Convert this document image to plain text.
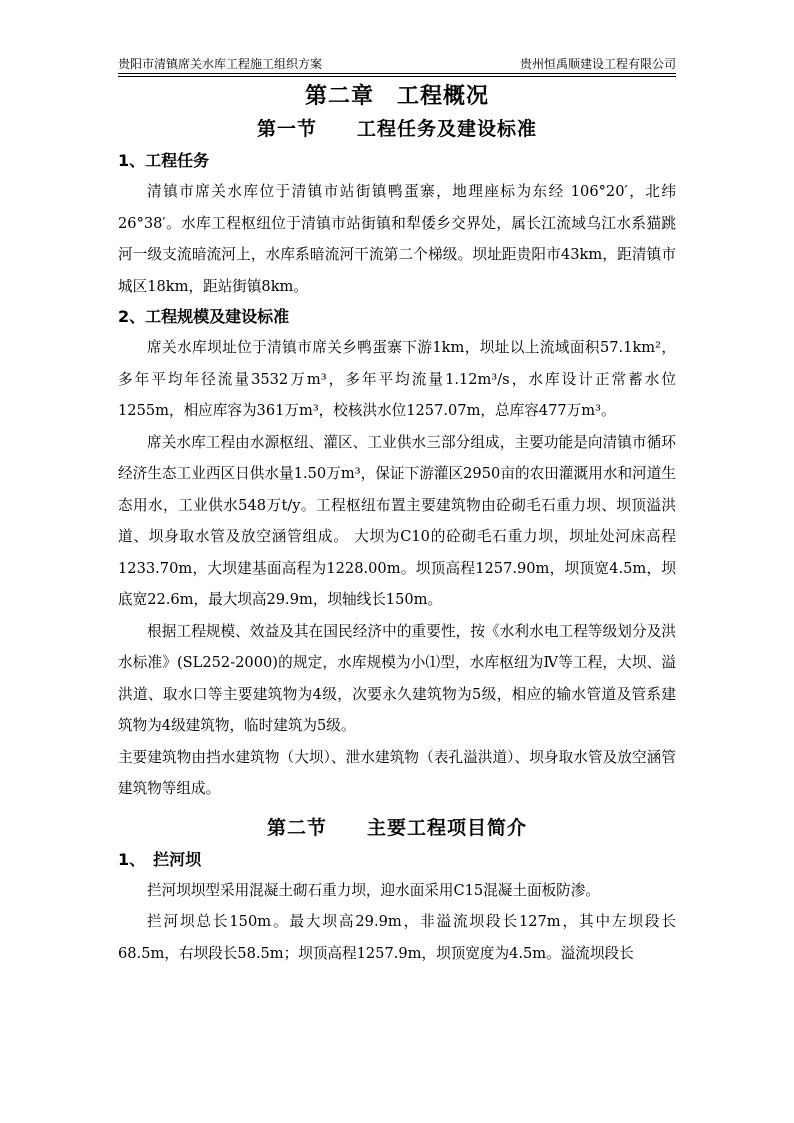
贵阳市清镇席关水库工程施工组织方案	贵州恒禹顺建设工程有限公司
第二章　工程概况
第一节　　工程任务及建设标准
1、工程任务

清镇市席关水库位于清镇市站街镇鸭蛋寨，地理座标为东经 106°20′，北纬26°38′。水库工程枢纽位于清镇市站街镇和犁倭乡交界处，属长江流域乌江水系猫跳河一级支流暗流河上，水库系暗流河干流第二个梯级。坝址距贵阳市43km，距清镇市城区18km，距站街镇8km。

2、工程规模及建设标准

席关水库坝址位于清镇市席关乡鸭蛋寨下游1km，坝址以上流域面积57.1km²，多年平均年径流量3532万m³，多年平均流量1.12m³/s，水库设计正常蓄水位1255m，相应库容为361万m³，校核洪水位1257.07m，总库容477万m³。

席关水库工程由水源枢纽、灌区、工业供水三部分组成，主要功能是向清镇市循环经济生态工业西区日供水量1.50万m³，保证下游灌区2950亩的农田灌溉用水和河道生态用水，工业供水548万t/y。工程枢纽布置主要建筑物由砼砌毛石重力坝、坝顶溢洪道、坝身取水管及放空涵管组成。 大坝为C10的砼砌毛石重力坝，坝址处河床高程1233.70m，大坝建基面高程为1228.00m。坝顶高程1257.90m，坝顶宽4.5m，坝底宽22.6m，最大坝高29.9m，坝轴线长150m。

根据工程规模、效益及其在国民经济中的重要性，按《水利水电工程等级划分及洪水标准》(SL252-2000)的规定，水库规模为小⑴型，水库枢纽为Ⅳ等工程，大坝、溢洪道、取水口等主要建筑物为4级，次要永久建筑物为5级，相应的输水管道及管系建筑物为4级建筑物，临时建筑为5级。

主要建筑物由挡水建筑物（大坝）、泄水建筑物（表孔溢洪道）、坝身取水管及放空涵管建筑物等组成。

第二节　　主要工程项目简介
1、　拦河坝

拦河坝坝型采用混凝土砌石重力坝，迎水面采用C15混凝土面板防渗。

拦河坝总长150m。最大坝高29.9m，非溢流坝段长127m，其中左坝段长68.5m，右坝段长58.5m；坝顶高程1257.9m，坝顶宽度为4.5m。溢流坝段长
